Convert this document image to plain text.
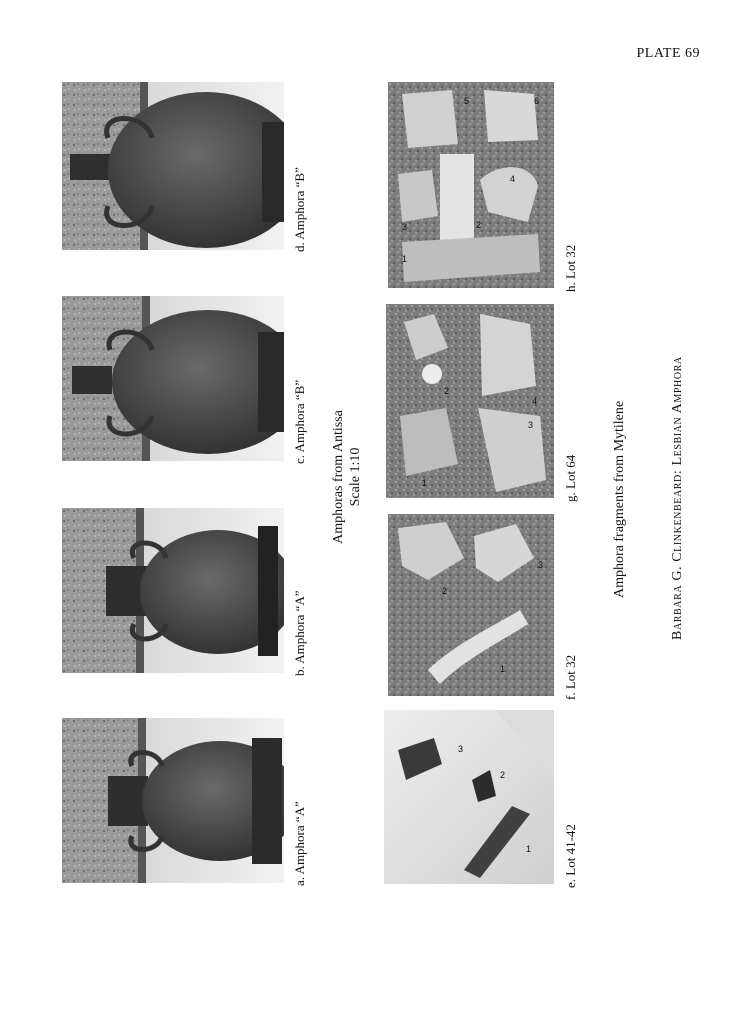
PLATE 69
a. Amphora “A”
b. Amphora “A”
c. Amphora “B”
d. Amphora “B”
Amphoras from Antissa Scale 1:10
3
2
1
2
3
1
2
1
3
4
5	6
3	2
4
1
e. Lot 41-42
f. Lot 32
g. Lot 64
h. Lot 32
Amphora fragments from Mytilene	Barbara G. Clinkenbeard: Lesbian Amphora
